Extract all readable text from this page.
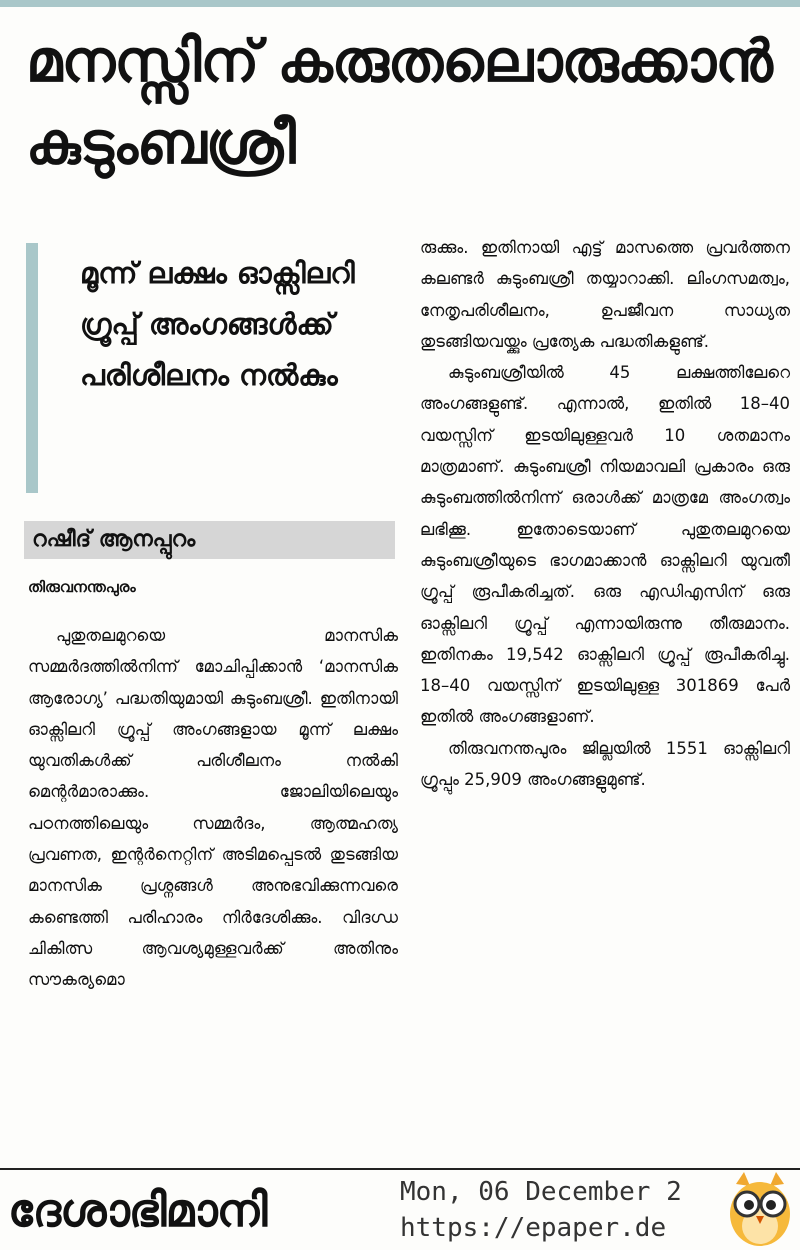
മനസ്സിന് കരുതലൊരുക്കാൻ കുടുംബശ്രീ

മൂന്ന് ലക്ഷം ഓക്സിലറി ഗ്രൂപ്പ് അംഗങ്ങൾക്ക് പരിശീലനം നൽകും

റഷീദ് ആനപ്പുറം
തിരുവനന്തപുരം

പുതുതലമുറയെ മാനസിക സമ്മർദത്തിൽനിന്ന് മോചിപ്പിക്കാൻ ‘മാനസിക ആരോഗ്യ’ പദ്ധതിയുമായി കുടുംബശ്രീ. ഇതിനായി ഓക്സിലറി ഗ്രൂപ്പ് അംഗങ്ങളായ മൂന്ന് ലക്ഷം യുവതികൾക്ക് പരിശീലനം നൽകി മെന്റർമാരാക്കും. ജോലിയിലെയും പഠനത്തിലെയും സമ്മർദം, ആത്മഹത്യ പ്രവണത, ഇന്റർനെറ്റിന് അടിമപ്പെടൽ തുടങ്ങിയ മാനസിക പ്രശ്നങ്ങൾ അനുഭവിക്കുന്നവരെ കണ്ടെത്തി പരിഹാരം നിർദേശിക്കും. വിദഗ്ധ ചികിത്സ ആവശ്യമുള്ളവർക്ക് അതിനും സൗകര്യമൊ

രുക്കും. ഇതിനായി എട്ട് മാസത്തെ പ്രവർത്തന കലണ്ടർ കുടുംബശ്രീ തയ്യാറാക്കി. ലിംഗസമത്വം, നേതൃപരിശീലനം, ഉപജീവന സാധ്യത തുടങ്ങിയവയ്ക്കും പ്രത്യേക പദ്ധതികളുണ്ട്.

കുടുംബശ്രീയിൽ 45 ലക്ഷത്തിലേറെ അംഗങ്ങളുണ്ട്. എന്നാൽ, ഇതിൽ 18–40 വയസ്സിന് ഇടയിലുള്ളവർ 10 ശതമാനം മാത്രമാണ്. കുടുംബശ്രീ നിയമാവലി പ്രകാരം ഒരു കുടുംബത്തിൽനിന്ന് ഒരാൾക്ക് മാത്രമേ അംഗത്വം ലഭിക്കൂ. ഇതോടെയാണ് പുതുതലമുറയെ കുടുംബശ്രീയുടെ ഭാഗമാക്കാൻ ഓക്സിലറി യുവതീ ഗ്രൂപ്പ് രൂപീകരിച്ചത്. ഒരു എഡിഎസിന് ഒരു ഓക്സിലറി ഗ്രൂപ്പ് എന്നായിരുന്നു തീരുമാനം. ഇതിനകം 19,542 ഓക്സിലറി ഗ്രൂപ്പ് രൂപീകരിച്ചു. 18–40 വയസ്സിന് ഇടയിലുള്ള 301869 പേർ ഇതിൽ അംഗങ്ങളാണ്.

തിരുവനന്തപുരം ജില്ലയിൽ 1551 ഓക്സിലറി ഗ്രൂപ്പും 25,909 അംഗങ്ങളുമുണ്ട്.

ദേശാഭിമാനി	Mon, 06 December 2
https://epaper.de
